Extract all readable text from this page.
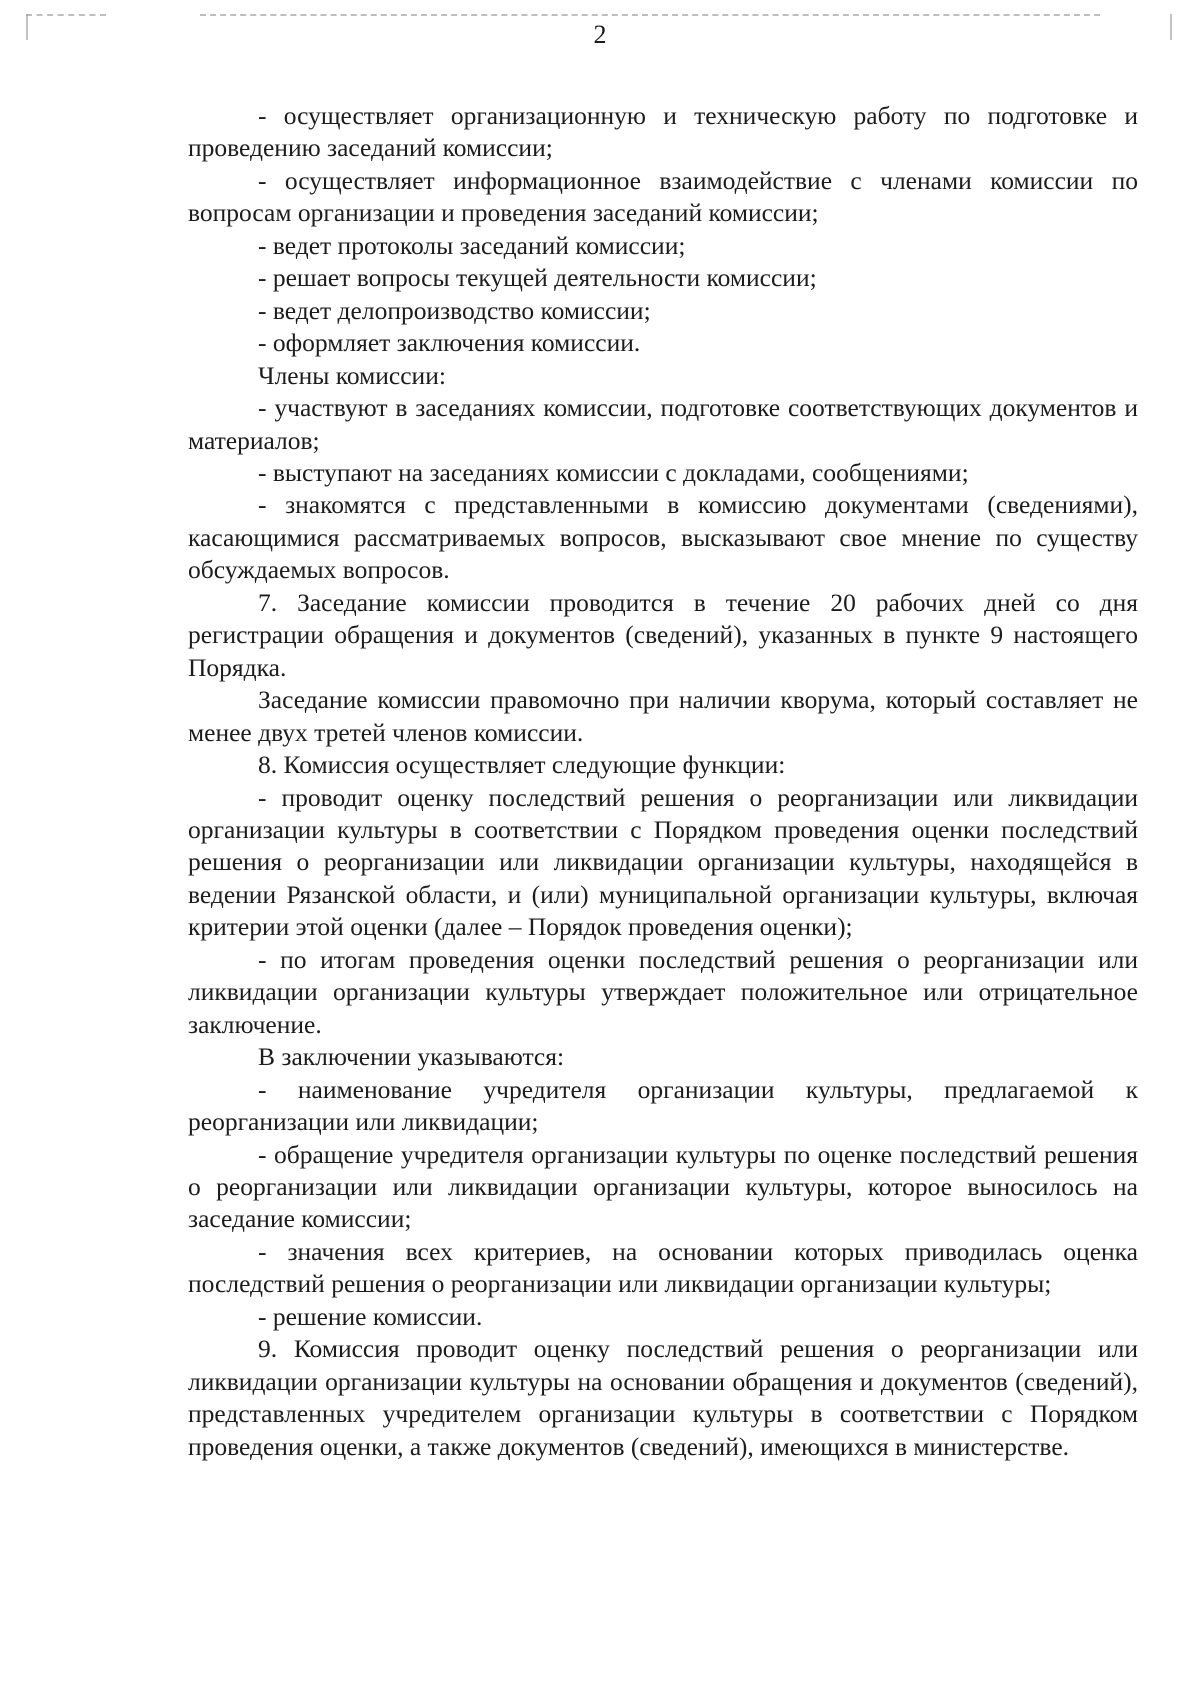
2

- осуществляет организационную и техническую работу по подготовке и проведению заседаний комиссии;

- осуществляет информационное взаимодействие с членами комиссии по вопросам организации и проведения заседаний комиссии;

- ведет протоколы заседаний комиссии;

- решает вопросы текущей деятельности комиссии;

- ведет делопроизводство комиссии;

- оформляет заключения комиссии.

Члены комиссии:

- участвуют в заседаниях комиссии, подготовке соответствующих документов и материалов;

- выступают на заседаниях комиссии с докладами, сообщениями;

- знакомятся с представленными в комиссию документами (сведениями), касающимися рассматриваемых вопросов, высказывают свое мнение по существу обсуждаемых вопросов.

7. Заседание комиссии проводится в течение 20 рабочих дней со дня регистрации обращения и документов (сведений), указанных в пункте 9 настоящего Порядка.

Заседание комиссии правомочно при наличии кворума, который составляет не менее двух третей членов комиссии.

8. Комиссия осуществляет следующие функции:

- проводит оценку последствий решения о реорганизации или ликвидации организации культуры в соответствии с Порядком проведения оценки последствий решения о реорганизации или ликвидации организации культуры, находящейся в ведении Рязанской области, и (или) муниципальной организации культуры, включая критерии этой оценки (далее – Порядок проведения оценки);

- по итогам проведения оценки последствий решения о реорганизации или ликвидации организации культуры утверждает положительное или отрицательное заключение.

В заключении указываются:

- наименование учредителя организации культуры, предлагаемой к реорганизации или ликвидации;

- обращение учредителя организации культуры по оценке последствий решения о реорганизации или ликвидации организации культуры, которое выносилось на заседание комиссии;

- значения всех критериев, на основании которых приводилась оценка последствий решения о реорганизации или ликвидации организации культуры;

- решение комиссии.

9. Комиссия проводит оценку последствий решения о реорганизации или ликвидации организации культуры на основании обращения и документов (сведений), представленных учредителем организации культуры в соответствии с Порядком проведения оценки, а также документов (сведений), имеющихся в министерстве.
